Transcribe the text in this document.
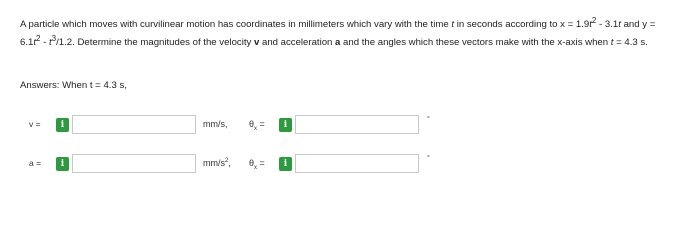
A particle which moves with curvilinear motion has coordinates in millimeters which vary with the time t in seconds according to $x = 1.9t^2 - 3.1t$ and $y = 6.1t^2 - t^3/1.2$. Determine the magnitudes of the velocity v and acceleration a and the angles which these vectors make with the x-axis when t = 4.3 s.
Answers: When t = 4.3 s,
v =	i	mm/s, $\theta_x$ =	i
°
a =	i	$mm/s^2$, $\theta_x$ =	i
°
